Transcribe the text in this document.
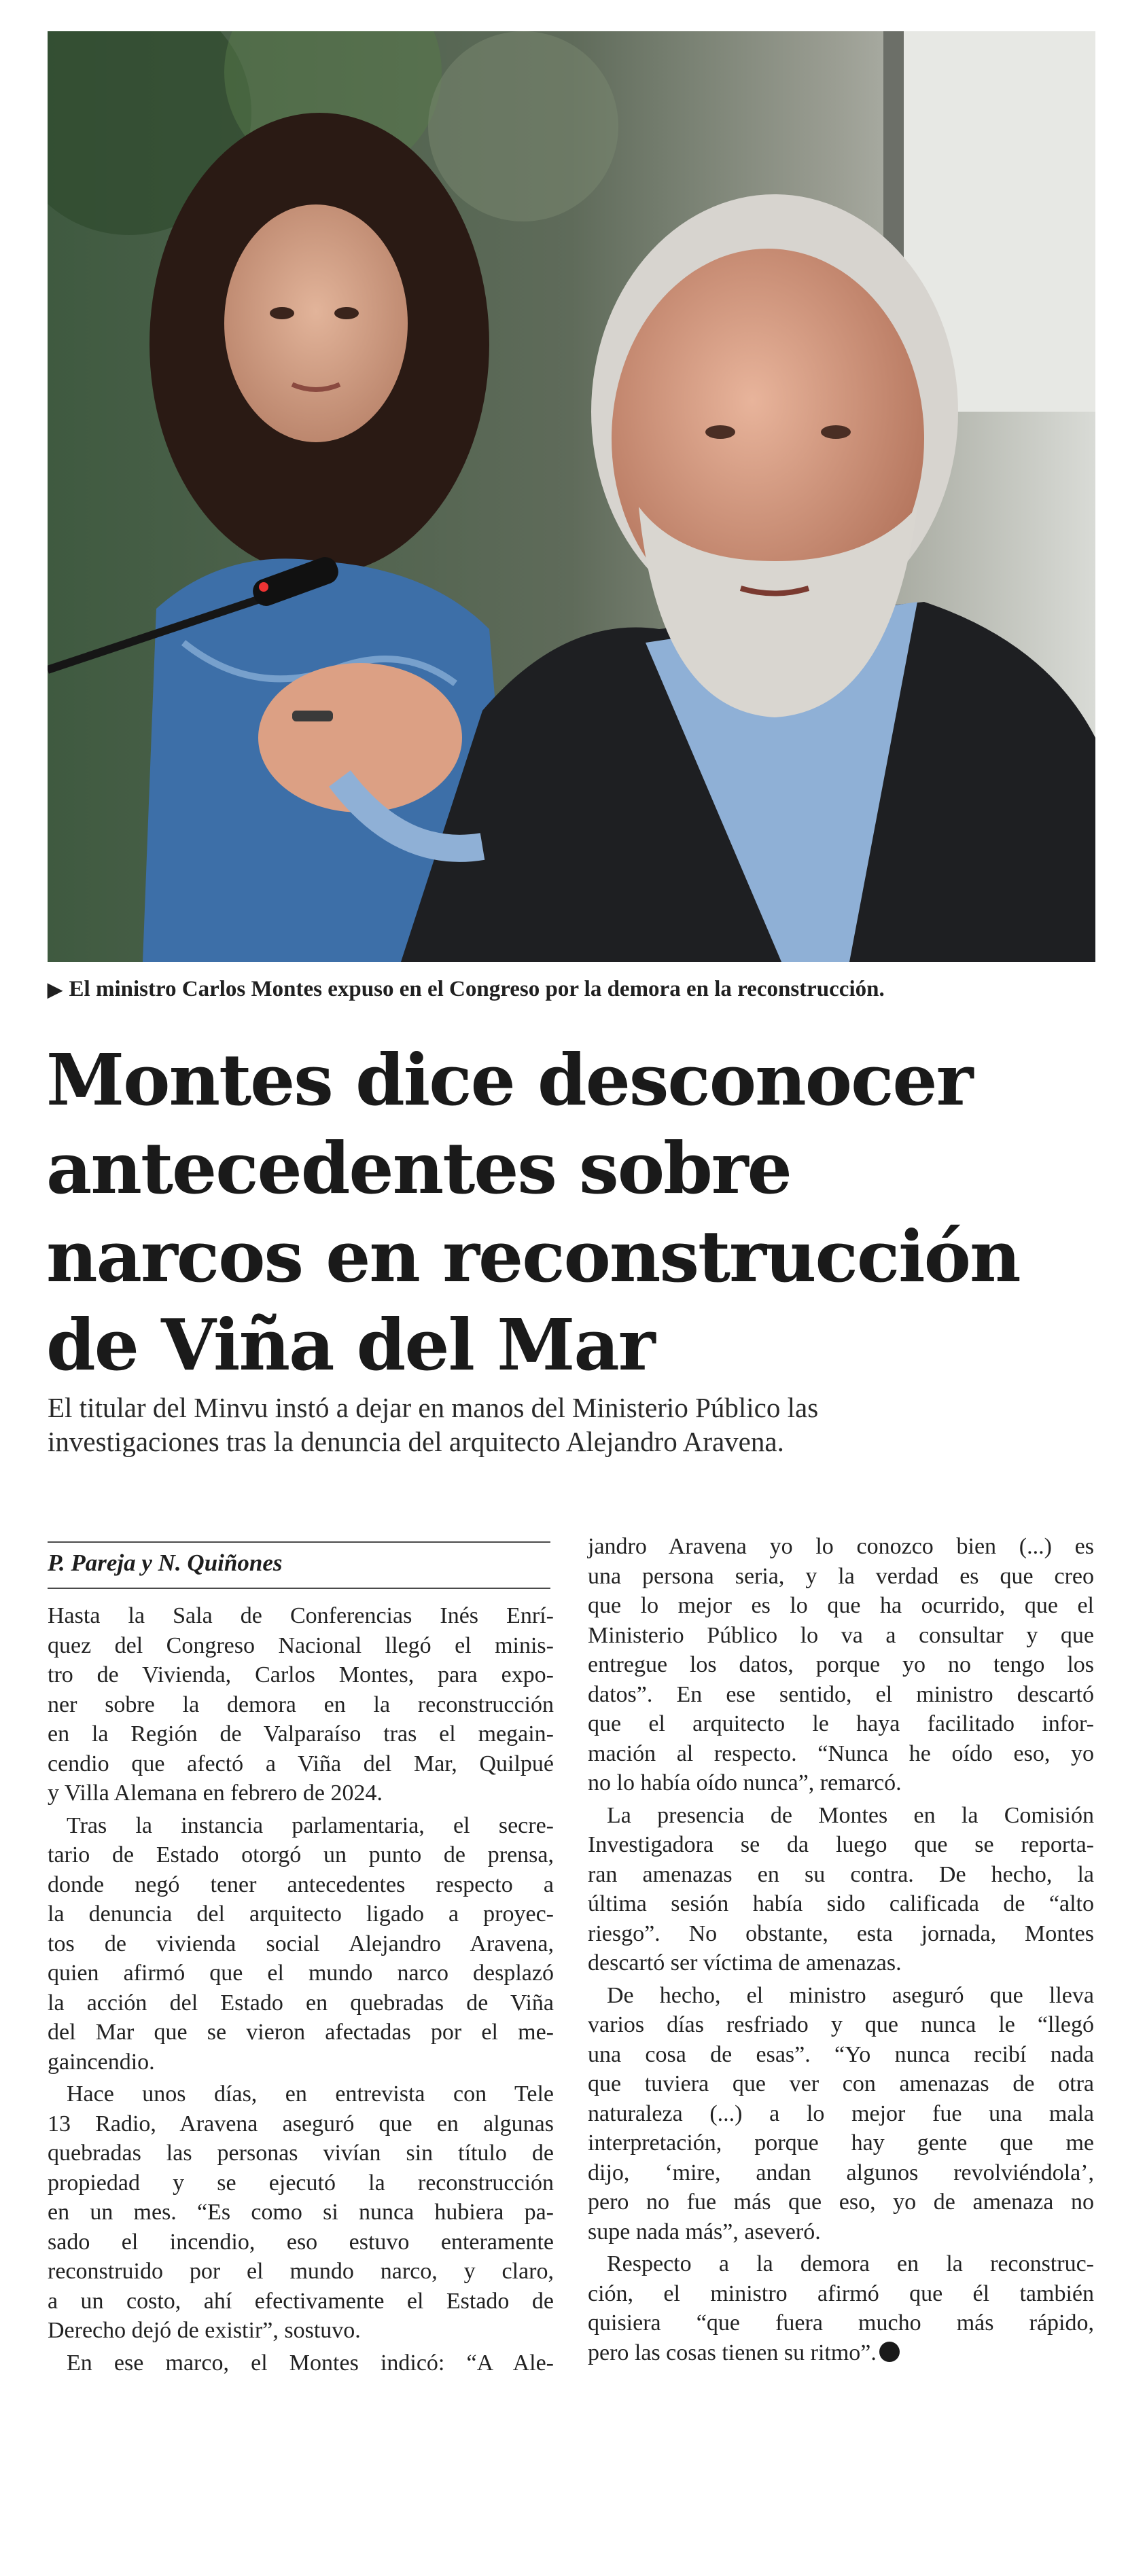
▶ El ministro Carlos Montes expuso en el Congreso por la demora en la reconstrucción.
Montes dice desconocer
antecedentes sobre
narcos en reconstrucción
de Viña del Mar

El titular del Minvu instó a dejar en manos del Ministerio Público las
investigaciones tras la denuncia del arquitecto Alejandro Aravena.

P. Pareja y N. Quiñones
Hasta la Sala de Conferencias Inés Enrí-
quez del Congreso Nacional llegó el minis-
tro de Vivienda, Carlos Montes, para expo-
ner sobre la demora en la reconstrucción
en la Región de Valparaíso tras el megain-
cendio que afectó a Viña del Mar, Quilpué
y Villa Alemana en febrero de 2024.
Tras la instancia parlamentaria, el secre-
tario de Estado otorgó un punto de prensa,
donde negó tener antecedentes respecto a
la denuncia del arquitecto ligado a proyec-
tos de vivienda social Alejandro Aravena,
quien afirmó que el mundo narco desplazó
la acción del Estado en quebradas de Viña
del Mar que se vieron afectadas por el me-
gaincendio.
Hace unos días, en entrevista con Tele
13 Radio, Aravena aseguró que en algunas
quebradas las personas vivían sin título de
propiedad y se ejecutó la reconstrucción
en un mes. “Es como si nunca hubiera pa-
sado el incendio, eso estuvo enteramente
reconstruido por el mundo narco, y claro,
a un costo, ahí efectivamente el Estado de
Derecho dejó de existir”, sostuvo.
En ese marco, el Montes indicó: “A Ale-
jandro Aravena yo lo conozco bien (...) es
una persona seria, y la verdad es que creo
que lo mejor es lo que ha ocurrido, que el
Ministerio Público lo va a consultar y que
entregue los datos, porque yo no tengo los
datos”. En ese sentido, el ministro descartó
que el arquitecto le haya facilitado infor-
mación al respecto. “Nunca he oído eso, yo
no lo había oído nunca”, remarcó.
La presencia de Montes en la Comisión
Investigadora se da luego que se reporta-
ran amenazas en su contra. De hecho, la
última sesión había sido calificada de “alto
riesgo”. No obstante, esta jornada, Montes
descartó ser víctima de amenazas.
De hecho, el ministro aseguró que lleva
varios días resfriado y que nunca le “llegó
una cosa de esas”. “Yo nunca recibí nada
que tuviera que ver con amenazas de otra
naturaleza (...) a lo mejor fue una mala
interpretación, porque hay gente que me
dijo, ‘mire, andan algunos revolviéndola’,
pero no fue más que eso, yo de amenaza no
supe nada más”, aseveró.
Respecto a la demora en la reconstruc-
ción, el ministro afirmó que él también
quisiera “que fuera mucho más rápido,
pero las cosas tienen su ritmo”.
